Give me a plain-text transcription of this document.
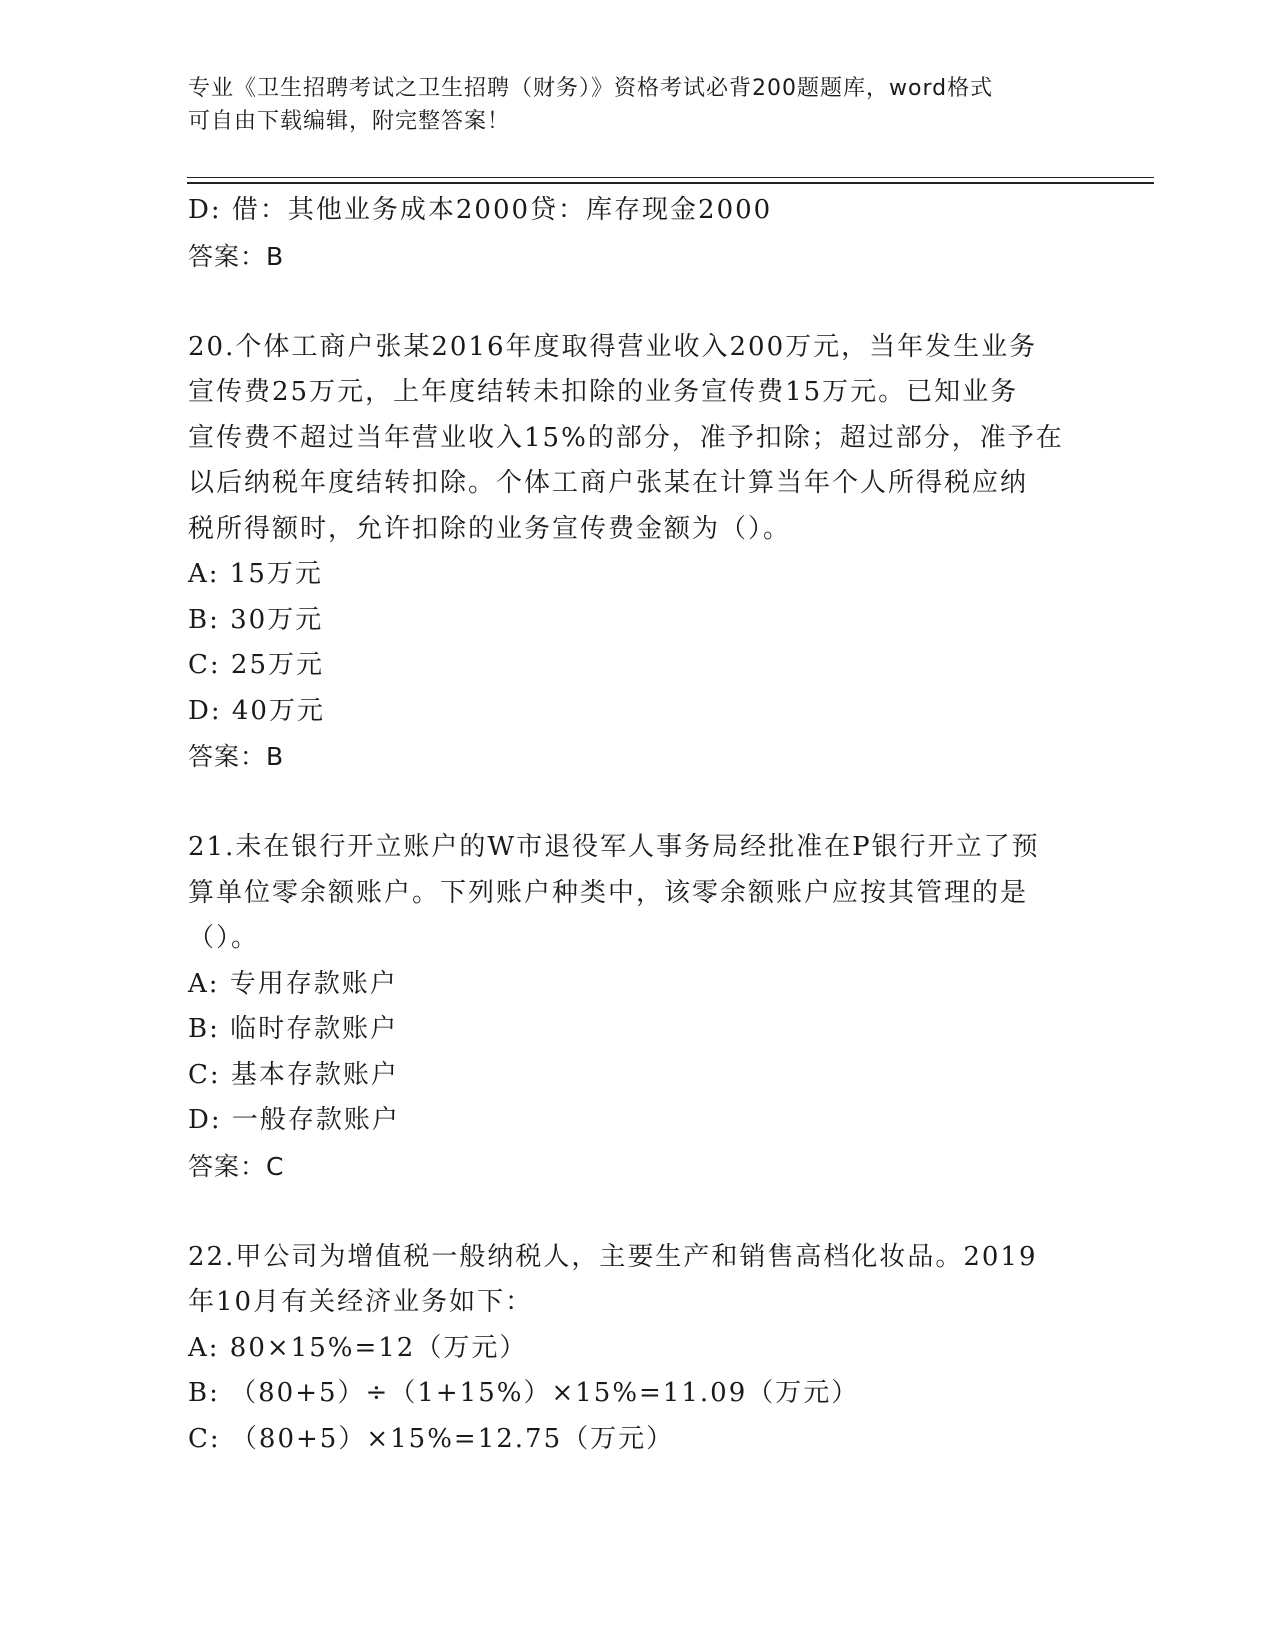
专业《卫生招聘考试之卫生招聘（财务）》资格考试必背200题题库，word格式
可自由下载编辑，附完整答案！
D: 借：其他业务成本2000贷：库存现金2000
答案：B
20.个体工商户张某2016年度取得营业收入200万元，当年发生业务
宣传费25万元，上年度结转未扣除的业务宣传费15万元。已知业务
宣传费不超过当年营业收入15%的部分，准予扣除；超过部分，准予在
以后纳税年度结转扣除。个体工商户张某在计算当年个人所得税应纳
税所得额时，允许扣除的业务宣传费金额为（）。
A: 15万元
B: 30万元
C: 25万元
D: 40万元
答案：B
21.未在银行开立账户的W市退役军人事务局经批准在P银行开立了预
算单位零余额账户。下列账户种类中，该零余额账户应按其管理的是
（）。
A: 专用存款账户
B: 临时存款账户
C: 基本存款账户
D: 一般存款账户
答案：C
22.甲公司为增值税一般纳税人，主要生产和销售高档化妆品。2019
年10月有关经济业务如下：
A: 80×15%=12（万元）
B: （80+5）÷（1+15%）×15%=11.09（万元）
C: （80+5）×15%=12.75（万元）
